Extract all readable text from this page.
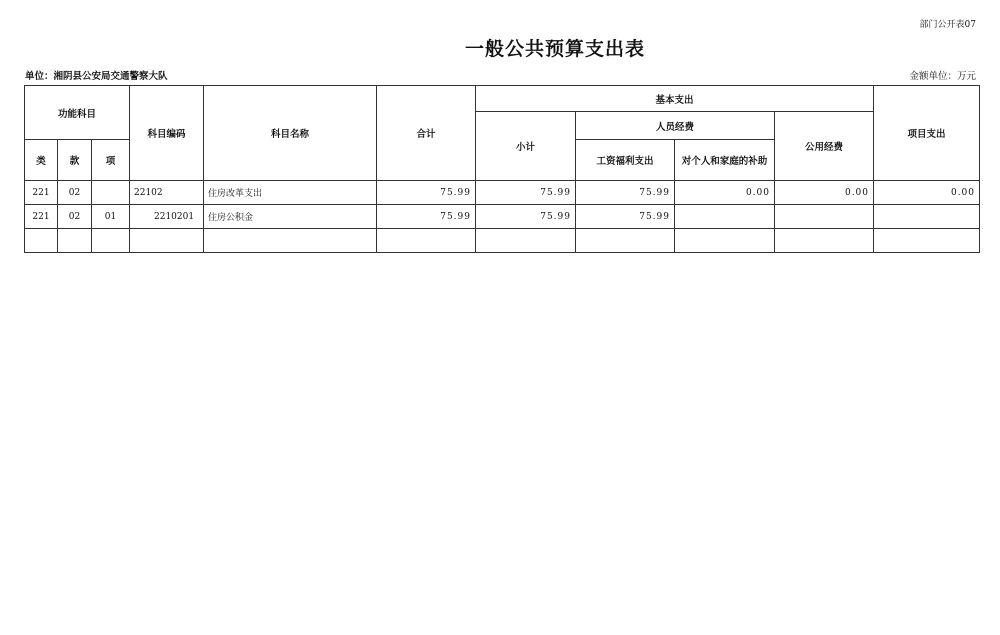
部门公开表07
一般公共预算支出表
单位：湘阴县公安局交通警察大队	金额单位：万元
功能科目			科目编码	科目名称	合计	基本支出				项目支出
						小计	人员经费		公用经费	
类	款	项					工资福利支出	对个人和家庭的补助		
221	02		22102	住房改革支出	75.99	75.99	75.99	0.00	0.00	0.00
221	02	01	2210201	住房公积金	75.99	75.99	75.99			
